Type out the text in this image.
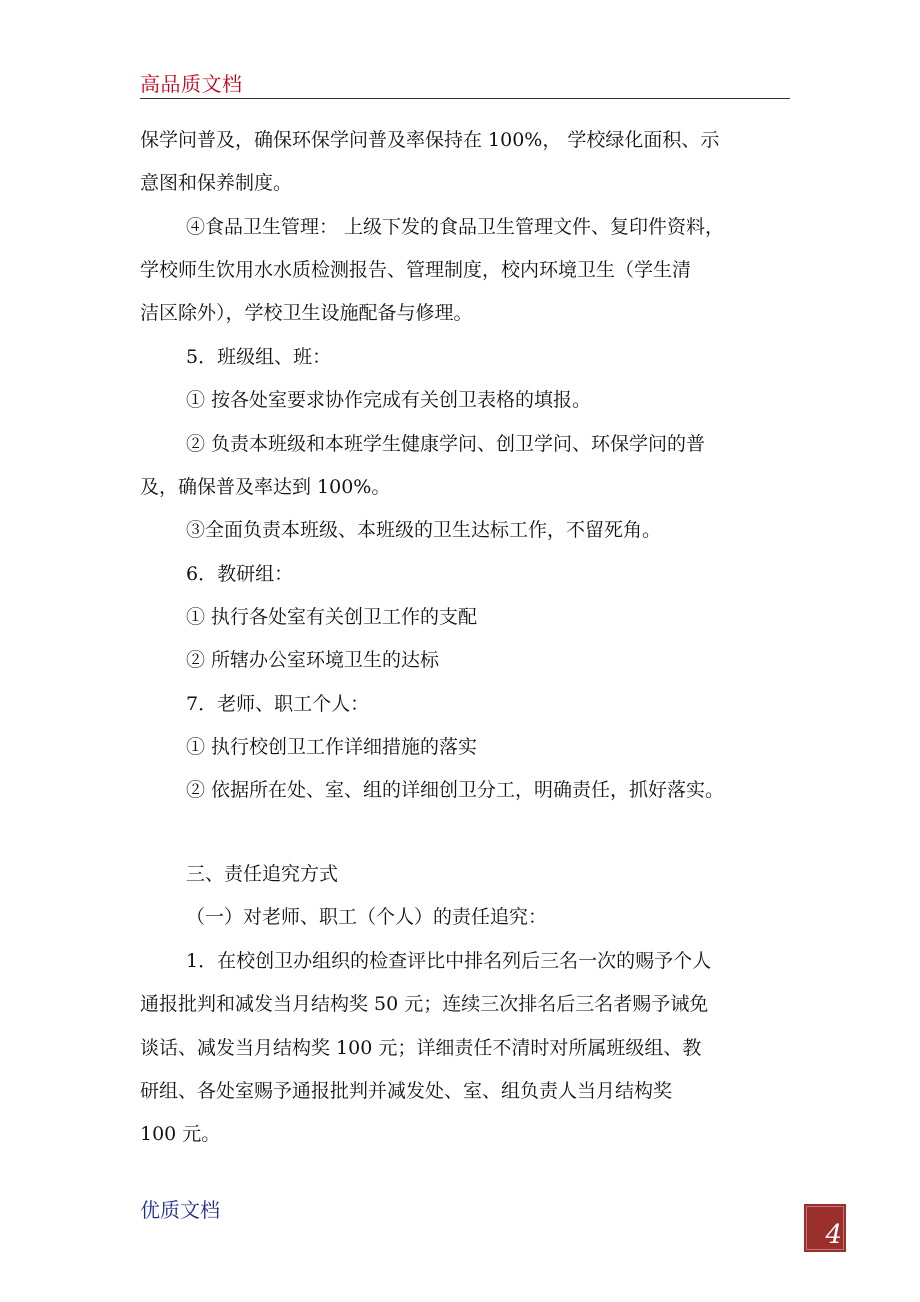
高品质文档
保学问普及，确保环保学问普及率保持在 100%， 学校绿化面积、示
意图和保养制度。
④食品卫生管理： 上级下发的食品卫生管理文件、复印件资料，
学校师生饮用水水质检测报告、管理制度，校内环境卫生（学生清
洁区除外），学校卫生设施配备与修理。
5．班级组、班：
① 按各处室要求协作完成有关创卫表格的填报。
② 负责本班级和本班学生健康学问、创卫学问、环保学问的普
及，确保普及率达到 100%。
③全面负责本班级、本班级的卫生达标工作，不留死角。
6．教研组：
① 执行各处室有关创卫工作的支配
② 所辖办公室环境卫生的达标
7．老师、职工个人：
① 执行校创卫工作详细措施的落实
② 依据所在处、室、组的详细创卫分工，明确责任，抓好落实。
三、责任追究方式
（一）对老师、职工（个人）的责任追究：
1．在校创卫办组织的检查评比中排名列后三名一次的赐予个人
通报批判和减发当月结构奖 50 元；连续三次排名后三名者赐予诫免
谈话、减发当月结构奖 100 元；详细责任不清时对所属班级组、教
研组、各处室赐予通报批判并减发处、室、组负责人当月结构奖
100 元。
优质文档
4
